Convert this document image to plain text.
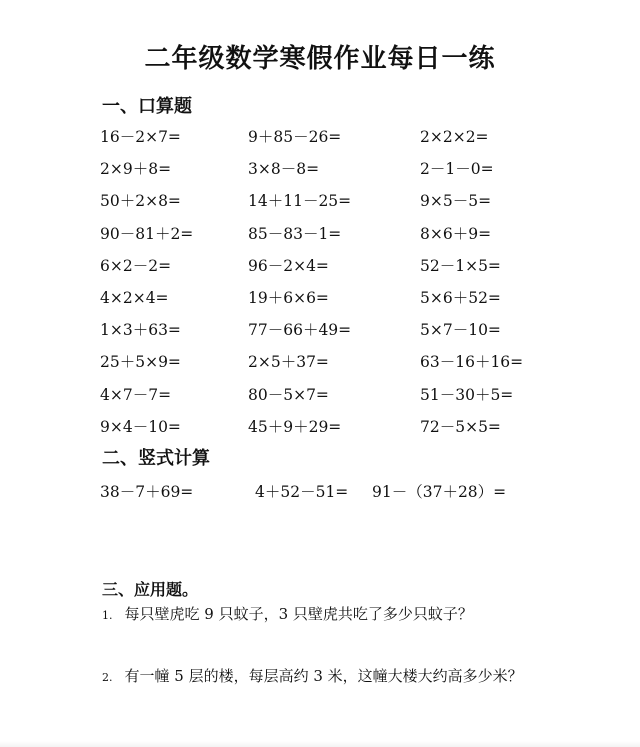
二年级数学寒假作业每日一练
一、口算题
16－2×7=	9＋85－26=	2×2×2=
2×9＋8=	3×8－8=	2－1－0=
50＋2×8=	14＋11－25=	9×5－5=
90－81＋2=	85－83－1=	8×6＋9=
6×2－2=	96－2×4=	52－1×5=
4×2×4=	19＋6×6=	5×6＋52=
1×3＋63=	77－66＋49=	5×7－10=
25＋5×9=	2×5＋37=	63－16＋16=
4×7－7=	80－5×7=	51－30＋5=
9×4－10=	45＋9＋29=	72－5×5=
二、竖式计算
38－7＋69=	4＋52－51= 91－（37＋28）=
三、应用题。
1. 每只壁虎吃 9 只蚊子，3 只壁虎共吃了多少只蚊子？
2. 有一幢 5 层的楼，每层高约 3 米，这幢大楼大约高多少米？
